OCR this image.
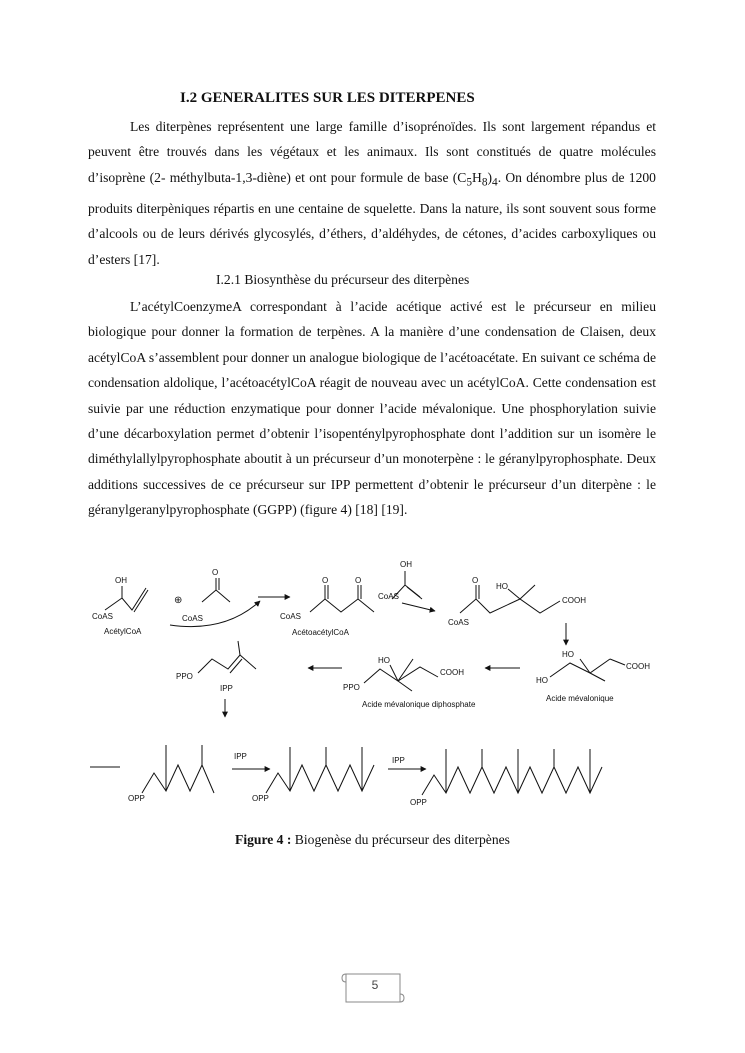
I.2 GENERALITES SUR LES DITERPENES

Les diterpènes représentent une large famille d’isoprénoïdes. Ils sont largement répandus et peuvent être trouvés dans les végétaux et les animaux. Ils sont constitués de quatre molécules d’isoprène (2- méthylbuta-1,3-diène) et ont pour formule de base $(C_5H_8)_4$. On dénombre plus de 1200 produits diterpèniques répartis en une centaine de squelette. Dans la nature, ils sont souvent sous forme d’alcools ou de leurs dérivés glycosylés, d’éthers, d’aldéhydes, de cétones, d’acides carboxyliques ou d’esters [17].

I.2.1 Biosynthèse du précurseur des diterpènes

L’acétylCoenzymeA correspondant à l’acide acétique activé est le précurseur en milieu biologique pour donner la formation de terpènes. A la manière d’une condensation de Claisen, deux acétylCoA s’assemblent pour donner un analogue biologique de l’acétoacétate. En suivant ce schéma de condensation aldolique, l’acétoacétylCoA réagit de nouveau avec un acétylCoA. Cette condensation est suivie par une réduction enzymatique pour donner l’acide mévalonique. Une phosphorylation suivie d’une décarboxylation permet d’obtenir l’isopenténylpyrophosphate dont l’addition sur un isomère le diméthylallylpyrophosphate aboutit à un précurseur d’un monoterpène : le géranylpyrophosphate. Deux additions successives de ce précurseur sur IPP permettent d’obtenir le précurseur d’un diterpène : le géranylgeranylpyrophosphate (GGPP) (figure 4) [18] [19].

OH
CoAS
AcétylCoA
⊕
O
CoAS
O	O
CoAS
AcétoacétylCoA
OH
CoAS
O
HO
COOH
CoAS
HO
COOH
HO
Acide mévalonique
HO
COOH
PPO
Acide mévalonique diphosphate
PPO
IPP
OPP
IPP
OPP
IPP
OPP
Figure 4 : Biogenèse du précurseur des diterpènes
5
